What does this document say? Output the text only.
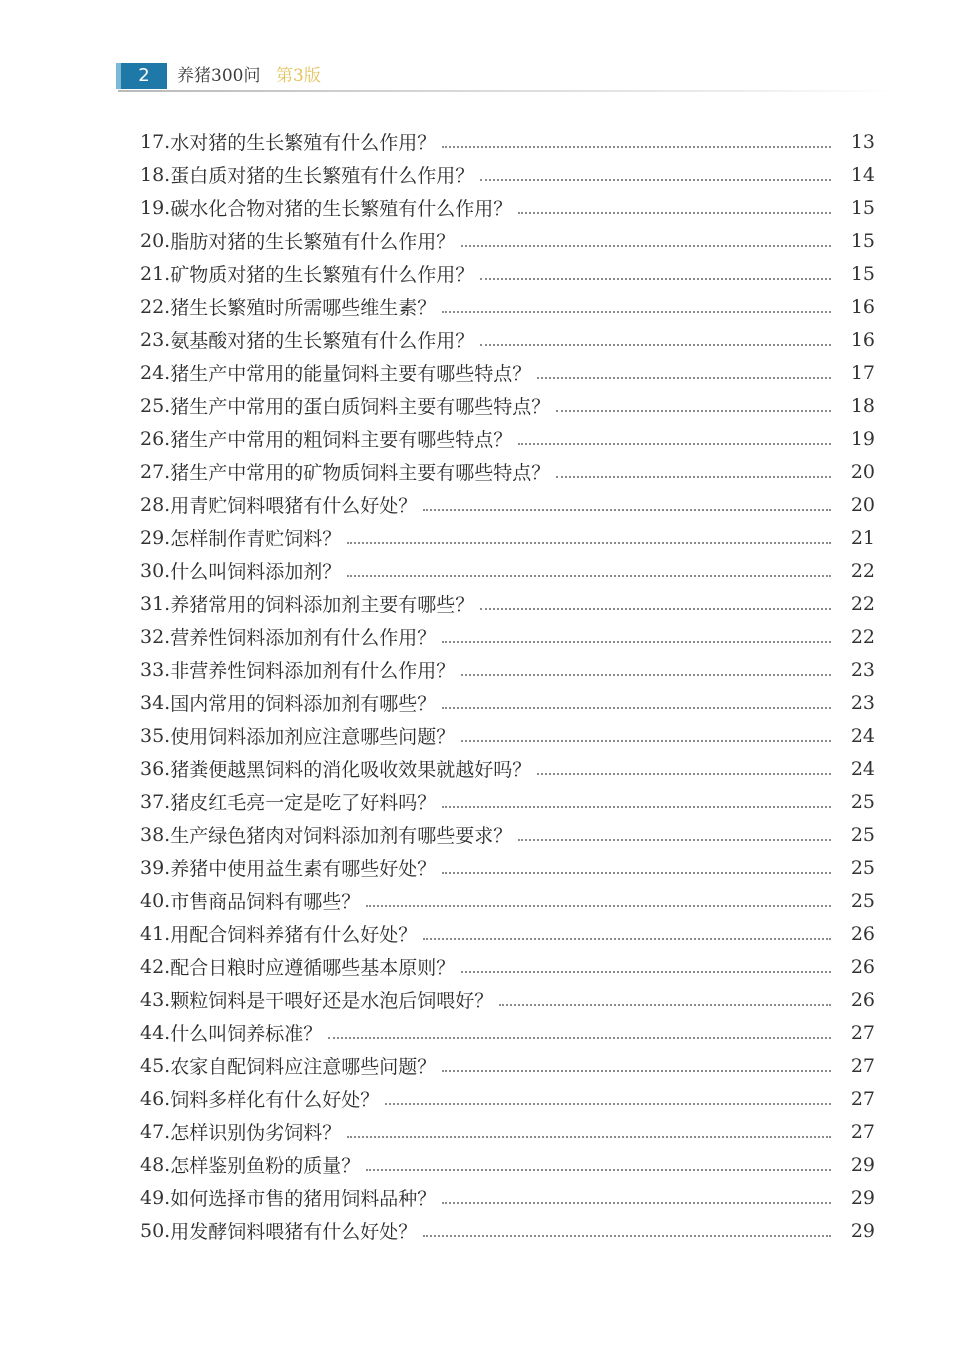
2	养猪300问 第3版
17. 水对猪的生长繁殖有什么作用？	13
18. 蛋白质对猪的生长繁殖有什么作用？	14
19. 碳水化合物对猪的生长繁殖有什么作用？	15
20. 脂肪对猪的生长繁殖有什么作用？	15
21. 矿物质对猪的生长繁殖有什么作用？	15
22. 猪生长繁殖时所需哪些维生素？	16
23. 氨基酸对猪的生长繁殖有什么作用？	16
24. 猪生产中常用的能量饲料主要有哪些特点？	17
25. 猪生产中常用的蛋白质饲料主要有哪些特点？	18
26. 猪生产中常用的粗饲料主要有哪些特点？	19
27. 猪生产中常用的矿物质饲料主要有哪些特点？	20
28. 用青贮饲料喂猪有什么好处？	20
29. 怎样制作青贮饲料？	21
30. 什么叫饲料添加剂？	22
31. 养猪常用的饲料添加剂主要有哪些？	22
32. 营养性饲料添加剂有什么作用？	22
33. 非营养性饲料添加剂有什么作用？	23
34. 国内常用的饲料添加剂有哪些？	23
35. 使用饲料添加剂应注意哪些问题？	24
36. 猪粪便越黑饲料的消化吸收效果就越好吗？	24
37. 猪皮红毛亮一定是吃了好料吗？	25
38. 生产绿色猪肉对饲料添加剂有哪些要求？	25
39. 养猪中使用益生素有哪些好处？	25
40. 市售商品饲料有哪些？	25
41. 用配合饲料养猪有什么好处？	26
42. 配合日粮时应遵循哪些基本原则？	26
43. 颗粒饲料是干喂好还是水泡后饲喂好？	26
44. 什么叫饲养标准？	27
45. 农家自配饲料应注意哪些问题？	27
46. 饲料多样化有什么好处？	27
47. 怎样识别伪劣饲料？	27
48. 怎样鉴别鱼粉的质量？	29
49. 如何选择市售的猪用饲料品种？	29
50. 用发酵饲料喂猪有什么好处？	29
